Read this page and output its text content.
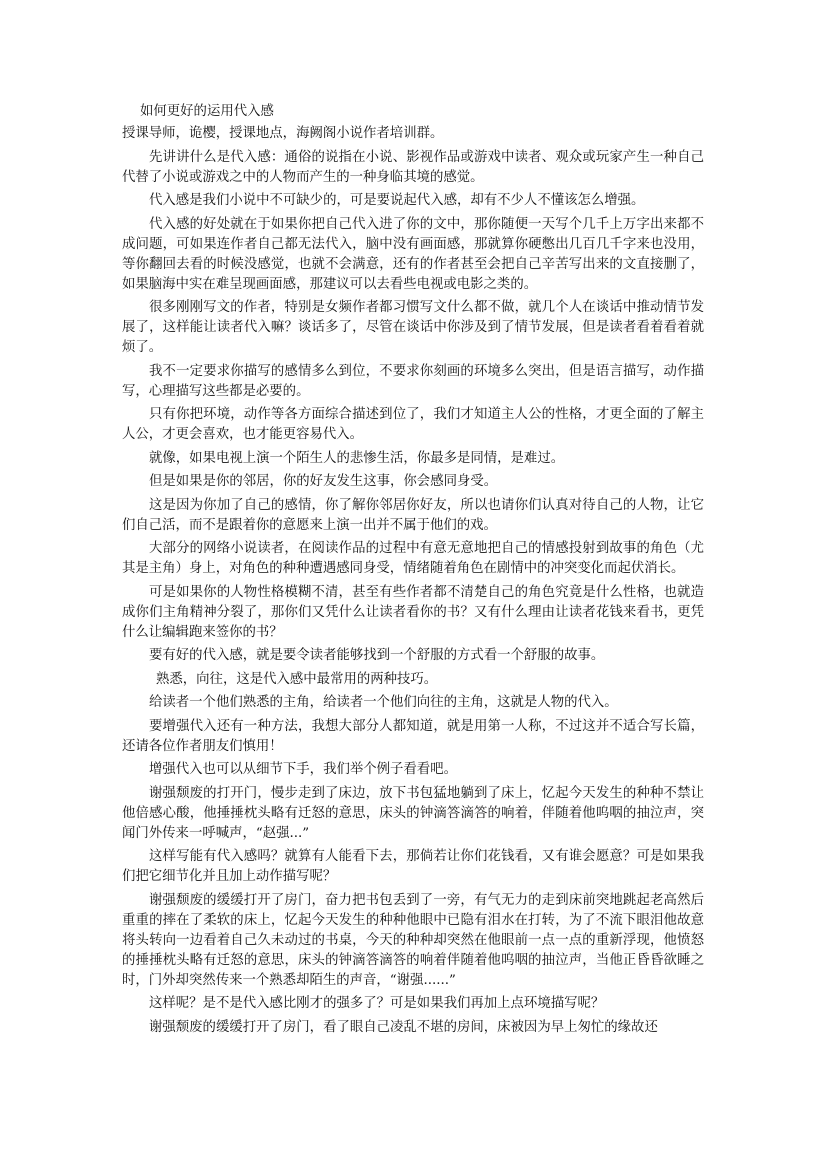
如何更好的运用代入感

授课导师，诡樱，授课地点，海阙阁小说作者培训群。

先讲讲什么是代入感：通俗的说指在小说、影视作品或游戏中读者、观众或玩家产生一种自己代替了小说或游戏之中的人物而产生的一种身临其境的感觉。

代入感是我们小说中不可缺少的，可是要说起代入感，却有不少人不懂该怎么增强。

代入感的好处就在于如果你把自己代入进了你的文中，那你随便一天写个几千上万字出来都不成问题，可如果连作者自己都无法代入，脑中没有画面感，那就算你硬憋出几百几千字来也没用，等你翻回去看的时候没感觉，也就不会满意，还有的作者甚至会把自己辛苦写出来的文直接删了，如果脑海中实在难呈现画面感，那建议可以去看些电视或电影之类的。

很多刚刚写文的作者，特别是女频作者都习惯写文什么都不做，就几个人在谈话中推动情节发展了，这样能让读者代入嘛？谈话多了，尽管在谈话中你涉及到了情节发展，但是读者看着看着就烦了。

我不一定要求你描写的感情多么到位，不要求你刻画的环境多么突出，但是语言描写，动作描写，心理描写这些都是必要的。

只有你把环境，动作等各方面综合描述到位了，我们才知道主人公的性格，才更全面的了解主人公，才更会喜欢，也才能更容易代入。

就像，如果电视上演一个陌生人的悲惨生活，你最多是同情，是难过。

但是如果是你的邻居，你的好友发生这事，你会感同身受。

这是因为你加了自己的感情，你了解你邻居你好友，所以也请你们认真对待自己的人物，让它们自己活，而不是跟着你的意愿来上演一出并不属于他们的戏。

大部分的网络小说读者，在阅读作品的过程中有意无意地把自己的情感投射到故事的角色（尤其是主角）身上，对角色的种种遭遇感同身受，情绪随着角色在剧情中的冲突变化而起伏消长。

可是如果你的人物性格模糊不清，甚至有些作者都不清楚自己的角色究竟是什么性格，也就造成你们主角精神分裂了，那你们又凭什么让读者看你的书？又有什么理由让读者花钱来看书，更凭什么让编辑跑来签你的书？

要有好的代入感，就是要令读者能够找到一个舒服的方式看一个舒服的故事。

熟悉，向往，这是代入感中最常用的两种技巧。

给读者一个他们熟悉的主角，给读者一个他们向往的主角，这就是人物的代入。

要增强代入还有一种方法，我想大部分人都知道，就是用第一人称，不过这并不适合写长篇，还请各位作者朋友们慎用！

增强代入也可以从细节下手，我们举个例子看看吧。

谢强颓废的打开门，慢步走到了床边，放下书包猛地躺到了床上，忆起今天发生的种种不禁让他倍感心酸，他捶捶枕头略有迁怒的意思，床头的钟滴答滴答的响着，伴随着他呜咽的抽泣声，突闻门外传来一呼喊声，“赵强...”

这样写能有代入感吗？就算有人能看下去，那倘若让你们花钱看，又有谁会愿意？可是如果我们把它细节化并且加上动作描写呢？

谢强颓废的缓缓打开了房门，奋力把书包丢到了一旁，有气无力的走到床前突地跳起老高然后重重的摔在了柔软的床上，忆起今天发生的种种他眼中已隐有泪水在打转，为了不流下眼泪他故意将头转向一边看着自己久未动过的书桌，今天的种种却突然在他眼前一点一点的重新浮现，他愤怒的捶捶枕头略有迁怒的意思，床头的钟滴答滴答的响着伴随着他呜咽的抽泣声，当他正昏昏欲睡之时，门外却突然传来一个熟悉却陌生的声音，“谢强......”

这样呢？是不是代入感比刚才的强多了？可是如果我们再加上点环境描写呢？

谢强颓废的缓缓打开了房门，看了眼自己凌乱不堪的房间，床被因为早上匆忙的缘故还
